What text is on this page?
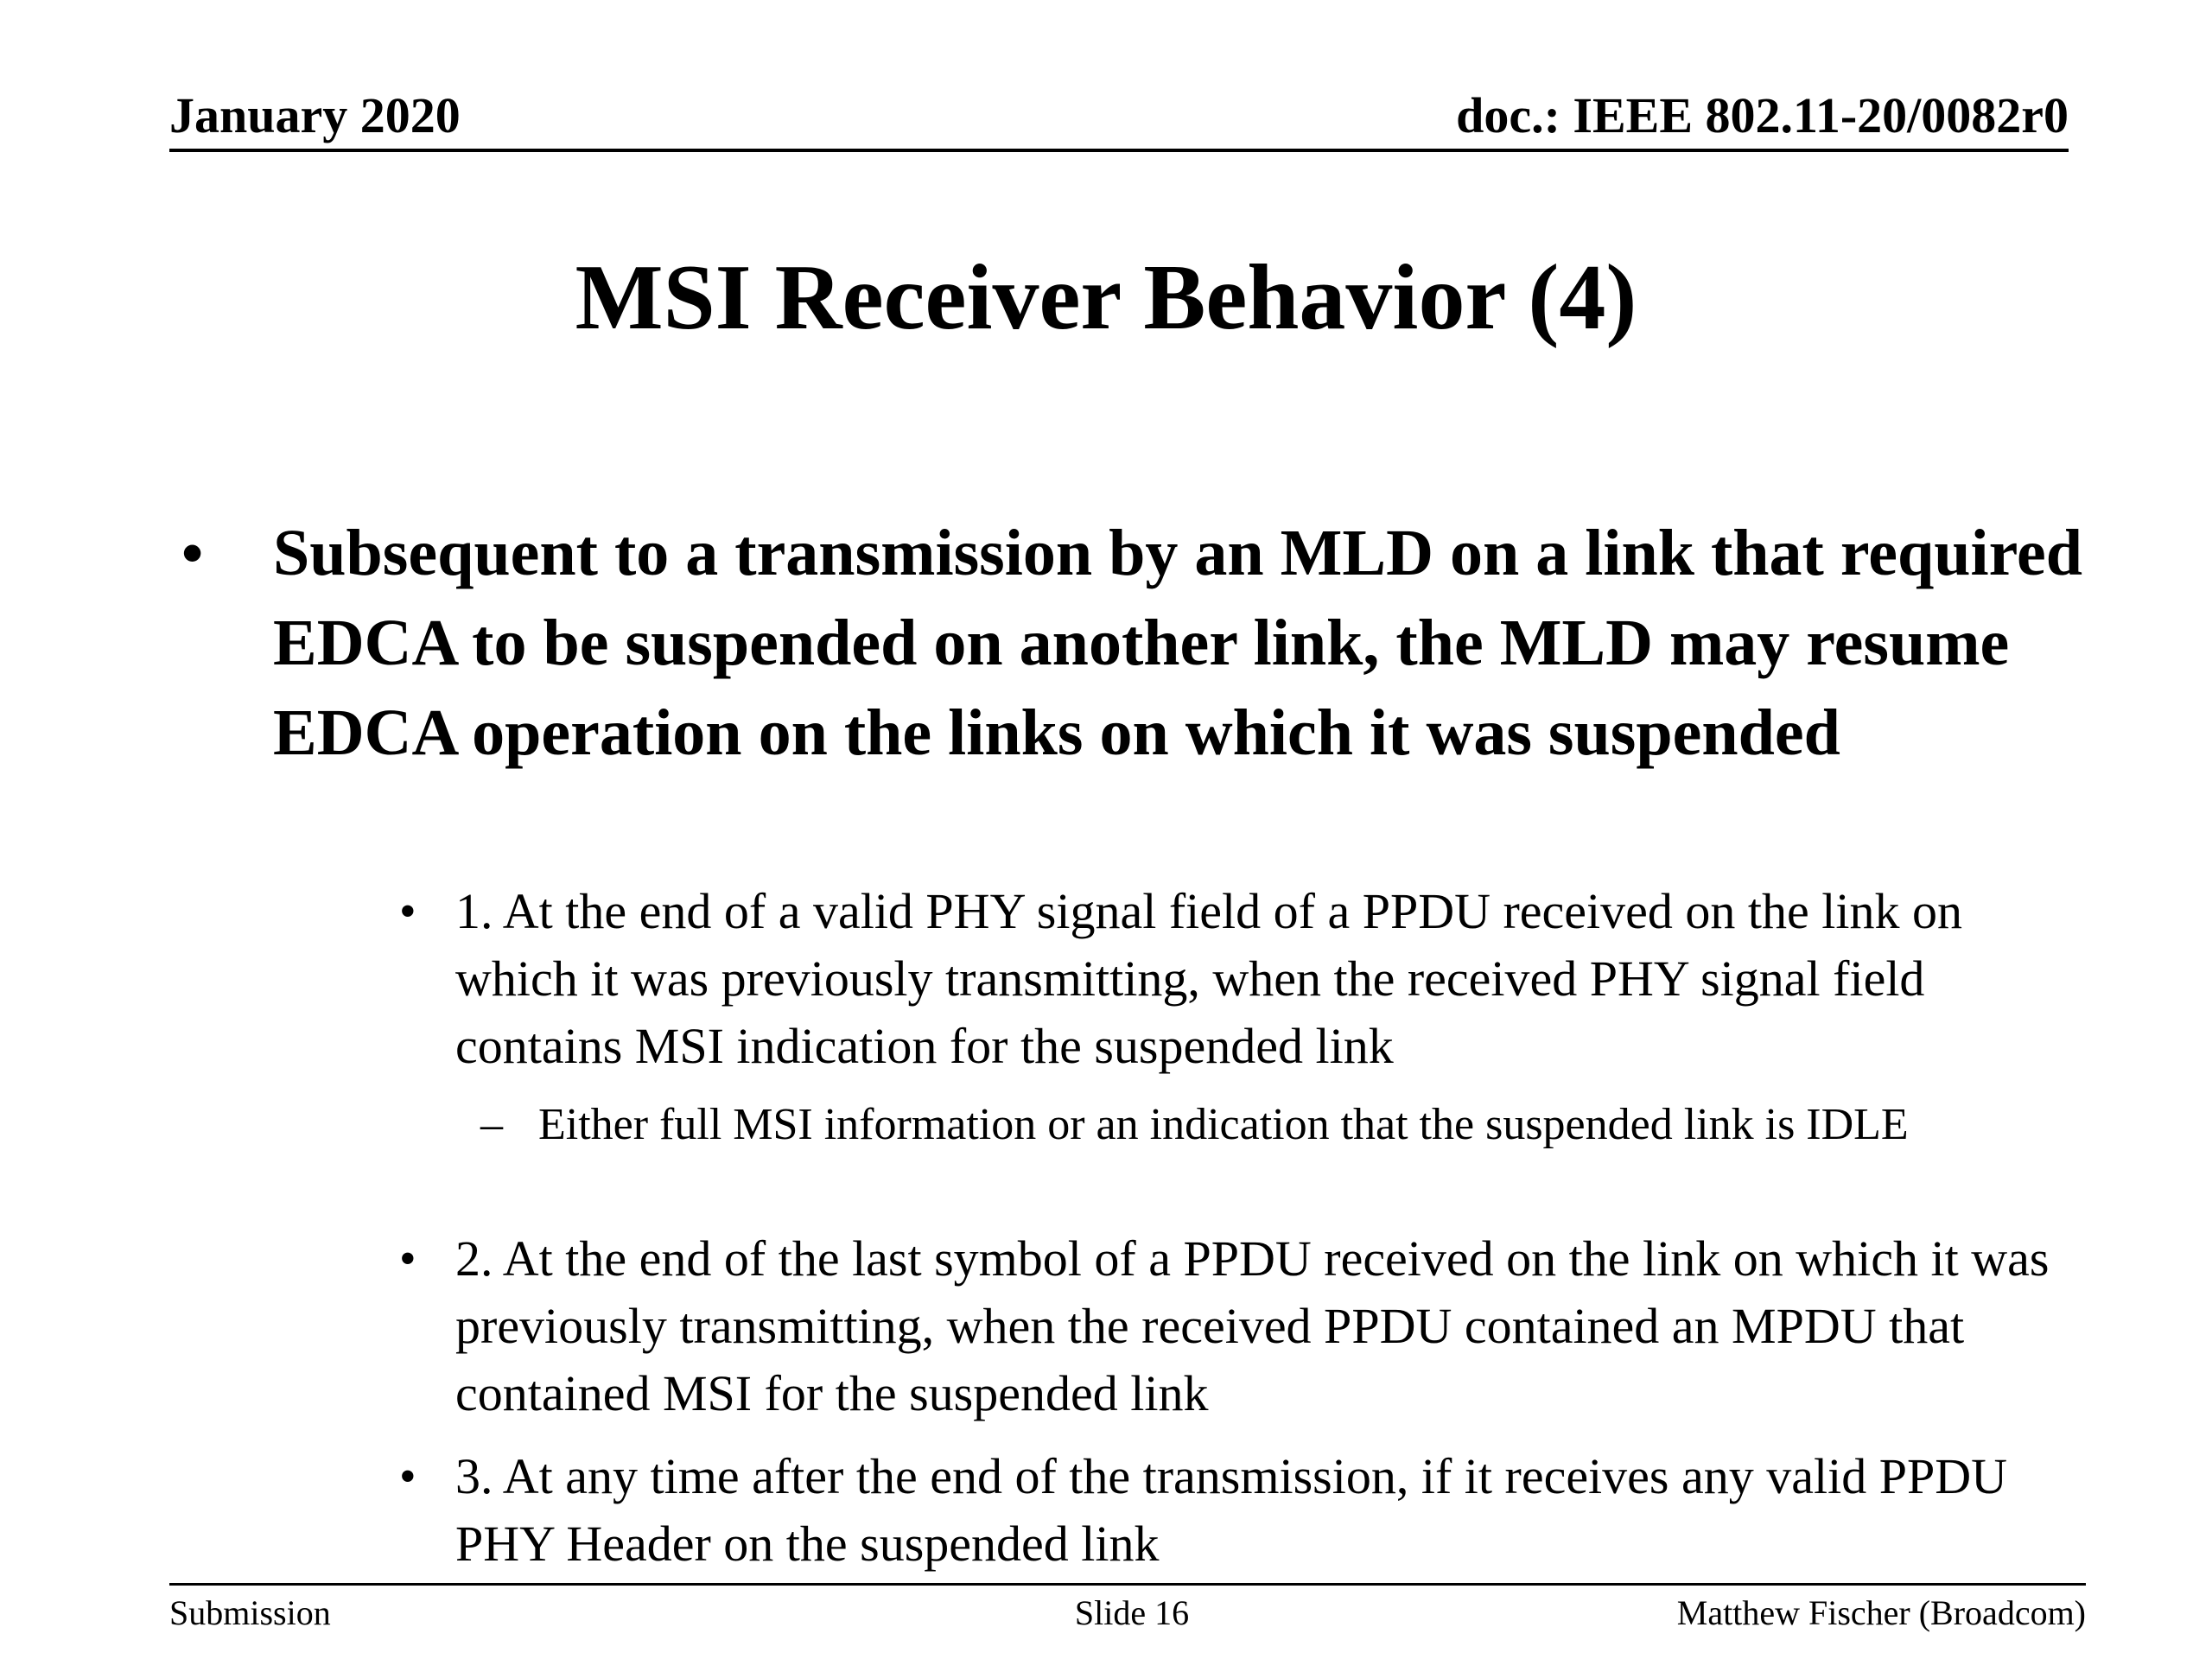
January 2020	doc.: IEEE 802.11-20/0082r0
MSI Receiver Behavior (4)
• Subsequent to a transmission by an MLD on a link that required EDCA to be suspended on another link, the MLD may resume EDCA operation on the links on which it was suspended
• 1. At the end of a valid PHY signal field of a PPDU received on the link on which it was previously transmitting, when the received PHY signal field contains MSI indication for the suspended link
– Either full MSI information or an indication that the suspended link is IDLE
• 2. At the end of the last symbol of a PPDU received on the link on which it was previously transmitting, when the received PPDU contained an MPDU that contained MSI for the suspended link
• 3. At any time after the end of the transmission, if it receives any valid PPDU PHY Header on the suspended link
Submission	Slide 16	Matthew Fischer (Broadcom)
